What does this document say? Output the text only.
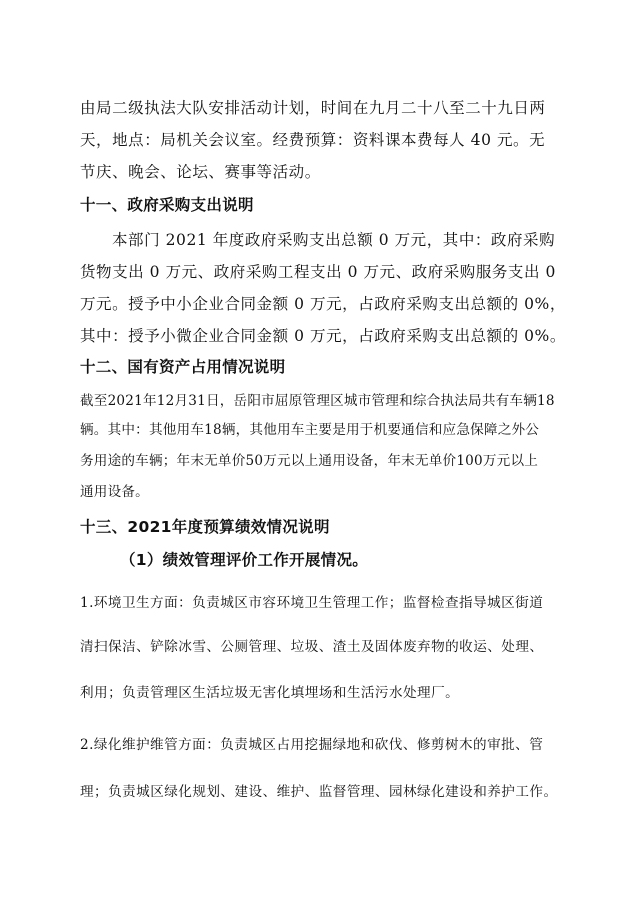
由局二级执法大队安排活动计划，时间在九月二十八至二十九日两
天，地点：局机关会议室。经费预算：资料课本费每人 40 元。无
节庆、晚会、论坛、赛事等活动。
十一、政府采购支出说明
本部门 2021 年度政府采购支出总额 0 万元，其中：政府采购
货物支出 0 万元、政府采购工程支出 0 万元、政府采购服务支出 0
万元。授予中小企业合同金额 0 万元，占政府采购支出总额的 0%，
其中：授予小微企业合同金额 0 万元，占政府采购支出总额的 0%。
十二、国有资产占用情况说明
截至2021年12月31日，岳阳市屈原管理区城市管理和综合执法局共有车辆18
辆。其中：其他用车18辆，其他用车主要是用于机要通信和应急保障之外公
务用途的车辆；年末无单价50万元以上通用设备，年末无单价100万元以上
通用设备。
十三、2021年度预算绩效情况说明
（1）绩效管理评价工作开展情况。
1.环境卫生方面：负责城区市容环境卫生管理工作；监督检查指导城区街道
清扫保洁、铲除冰雪、公厕管理、垃圾、渣土及固体废弃物的收运、处理、
利用；负责管理区生活垃圾无害化填埋场和生活污水处理厂。
2.绿化维护维管方面：负责城区占用挖掘绿地和砍伐、修剪树木的审批、管
理；负责城区绿化规划、建设、维护、监督管理、园林绿化建设和养护工作。
